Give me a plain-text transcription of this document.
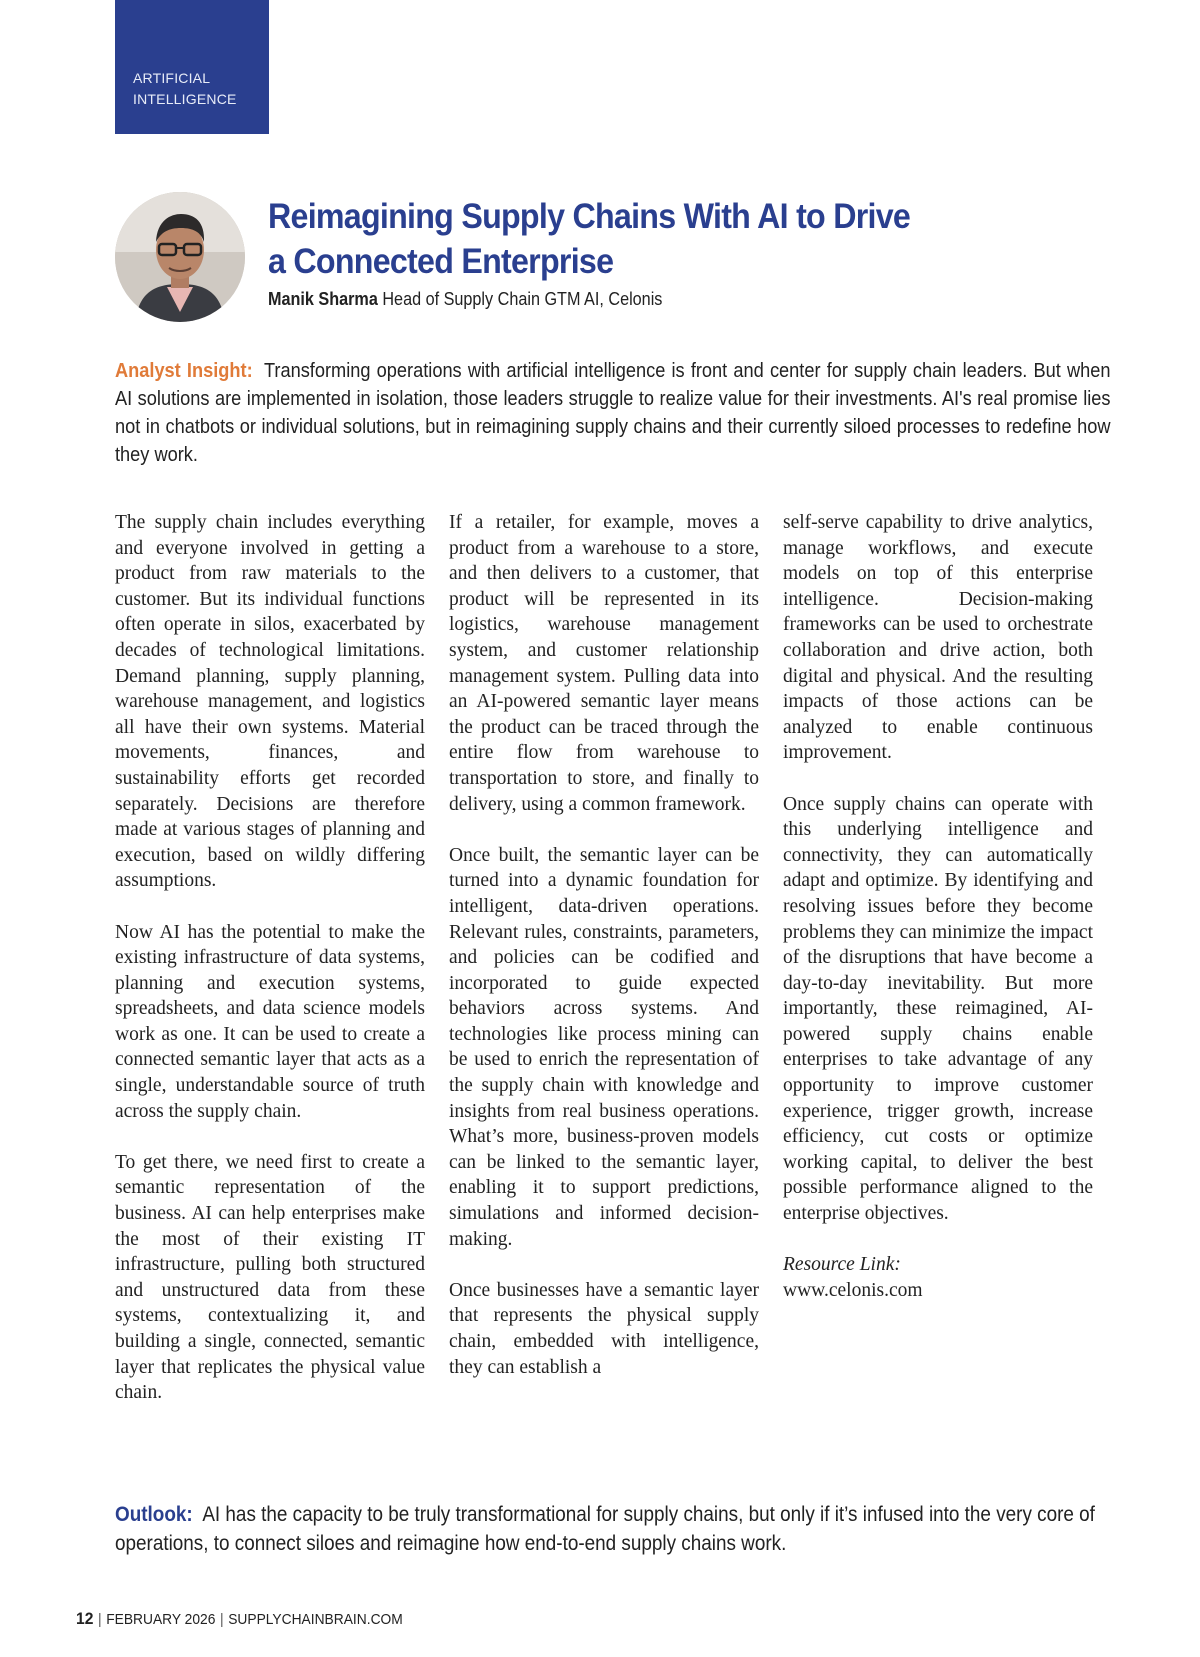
ARTIFICIAL INTELLIGENCE
Reimagining Supply Chains With AI to Drive a Connected Enterprise
Manik Sharma Head of Supply Chain GTM AI, Celonis

Analyst Insight: Transforming operations with artificial intelligence is front and center for supply chain leaders. But when AI solutions are implemented in isolation, those leaders struggle to realize value for their investments. AI's real promise lies not in chatbots or individual solutions, but in reimagining supply chains and their currently siloed processes to redefine how they work.

The supply chain includes everything and everyone involved in getting a product from raw materials to the customer. But its individual functions often operate in silos, exacerbated by decades of technological limitations. Demand planning, supply planning, warehouse management, and logistics all have their own systems. Material movements, finances, and sustainability efforts get recorded separately. Decisions are therefore made at various stages of planning and execution, based on wildly differing assumptions.

Now AI has the potential to make the existing infrastructure of data systems, planning and execution systems, spreadsheets, and data science models work as one. It can be used to create a connected semantic layer that acts as a single, understandable source of truth across the supply chain.

To get there, we need first to create a semantic representation of the business. AI can help enterprises make the most of their existing IT infrastructure, pulling both structured and unstructured data from these systems, contextualizing it, and building a single, connected, semantic layer that replicates the physical value chain.

If a retailer, for example, moves a product from a warehouse to a store, and then delivers to a customer, that product will be represented in its logistics, warehouse management system, and customer relationship management system. Pulling data into an AI-powered semantic layer means the product can be traced through the entire flow from warehouse to transportation to store, and finally to delivery, using a common framework.

Once built, the semantic layer can be turned into a dynamic foundation for intelligent, data-driven operations. Relevant rules, constraints, parameters, and policies can be codified and incorporated to guide expected behaviors across systems. And technologies like process mining can be used to enrich the representation of the supply chain with knowledge and insights from real business operations. What’s more, business-proven models can be linked to the semantic layer, enabling it to support predictions, simulations and informed decision-making.

Once businesses have a semantic layer that represents the physical supply chain, embedded with intelligence, they can establish a

self-serve capability to drive analytics, manage workflows, and execute models on top of this enterprise intelligence. Decision-making frameworks can be used to orchestrate collaboration and drive action, both digital and physical. And the resulting impacts of those actions can be analyzed to enable continuous improvement.

Once supply chains can operate with this underlying intelligence and connectivity, they can automatically adapt and optimize. By identifying and resolving issues before they become problems they can minimize the impact of the disruptions that have become a day-to-day inevitability. But more importantly, these reimagined, AI-powered supply chains enable enterprises to take advantage of any opportunity to improve customer experience, trigger growth, increase efficiency, cut costs or optimize working capital, to deliver the best possible performance aligned to the enterprise objectives.

Resource Link:
www.celonis.com

Outlook: AI has the capacity to be truly transformational for supply chains, but only if it’s infused into the very core of operations, to connect siloes and reimagine how end-to-end supply chains work.

12 | FEBRUARY 2026 | SUPPLYCHAINBRAIN.COM
